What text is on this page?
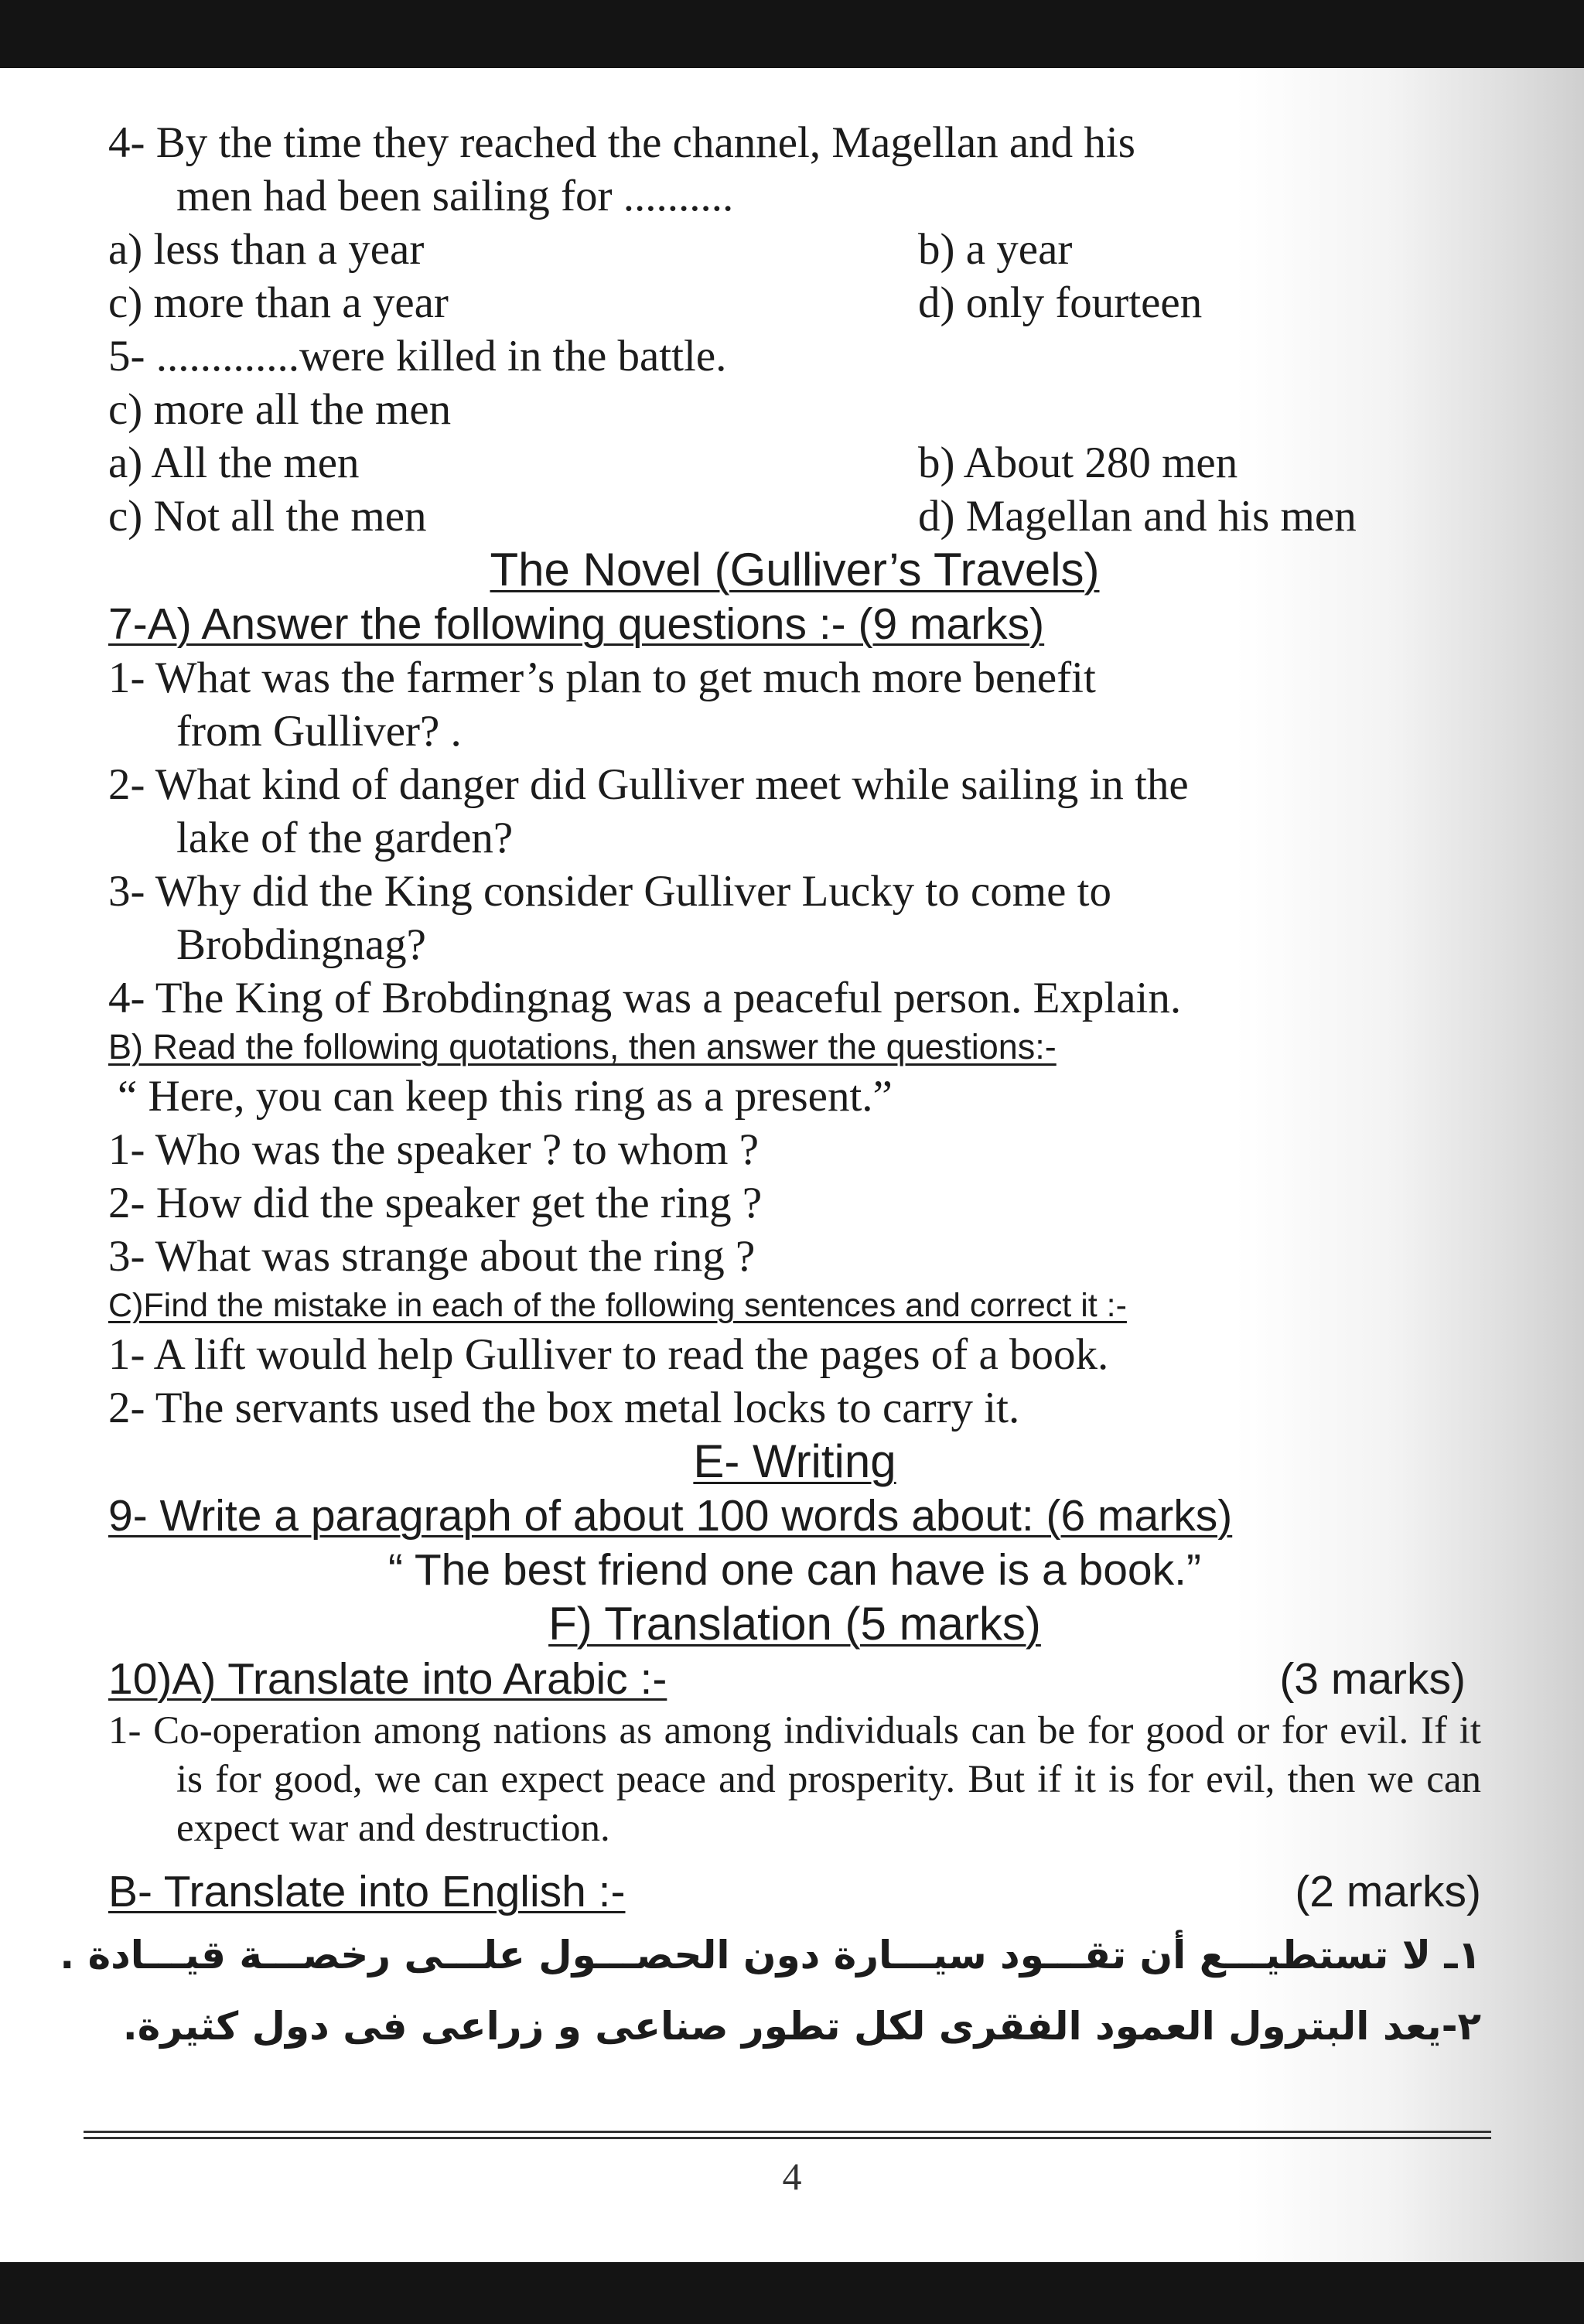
4- By the time they reached the channel, Magellan and his
men had been sailing for ..........
a) less than a year	b) a year
c) more than a year	d) only fourteen
5- .............were killed in the battle.
c) more all the men
a) All the men	b) About 280 men
c) Not all the men	d) Magellan and his men
The Novel (Gulliver’s Travels)
7-A) Answer the following questions :- (9 marks)
1- What was the farmer’s plan to get much more benefit
from Gulliver? .
2- What kind of danger did Gulliver meet while sailing in the
lake of the garden?
3- Why did the King consider Gulliver Lucky to come to
Brobdingnag?
4- The King of Brobdingnag was a peaceful person. Explain.
B) Read the following quotations, then answer the questions:-
“ Here, you can keep this ring as a present.”
1- Who was the speaker ? to whom ?
2- How did the speaker get the ring ?
3- What was strange about the ring ?
C)Find the mistake in each of the following sentences and correct it :-
1- A lift would help Gulliver to read the pages of a book.
2- The servants used the box metal locks to carry it.
E- Writing
9- Write a paragraph of about 100 words about: (6 marks)
“ The best friend one can have is a book.”
F) Translation (5 marks)
10)A) Translate into Arabic :-	(3 marks)
1- Co-operation among nations as among individuals can be for good or for evil. If it is for good, we can expect peace and prosperity. But if it is for evil, then we can expect war and destruction.
B- Translate into English :-	(2 marks)
١ـ لا تستطيـــع أن تقـــود سيـــارة دون الحصـــول علـــى رخصـــة قيـــادة .
٢-يعد البترول العمود الفقرى لكل تطور صناعى و زراعى فى دول كثيرة.
4
